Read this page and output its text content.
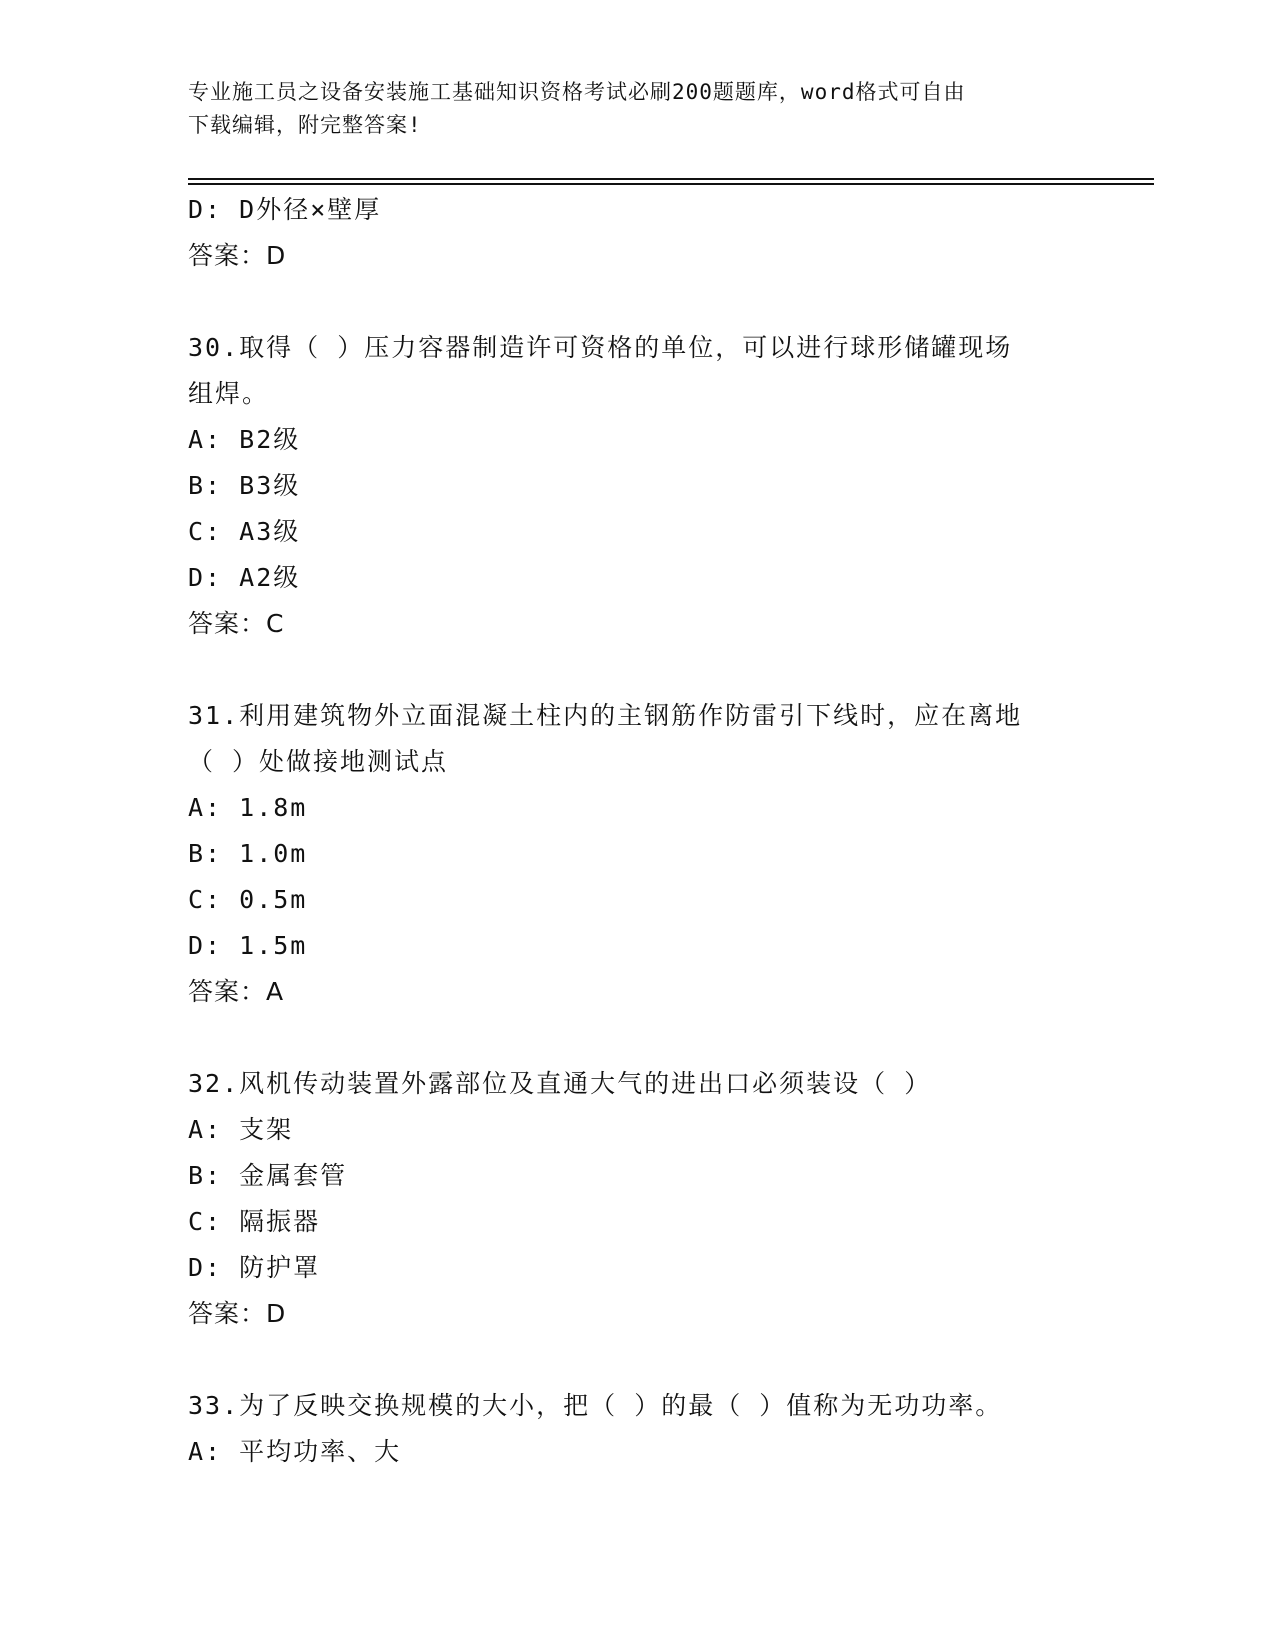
专业施工员之设备安装施工基础知识资格考试必刷200题题库，word格式可自由
下载编辑，附完整答案!
D: D外径×壁厚
答案：D
30.取得（ ）压力容器制造许可资格的单位，可以进行球形储罐现场
组焊。
A: B2级
B: B3级
C: A3级
D: A2级
答案：C
31.利用建筑物外立面混凝土柱内的主钢筋作防雷引下线时，应在离地
（ ）处做接地测试点
A: 1.8m
B: 1.0m
C: 0.5m
D: 1.5m
答案：A
32.风机传动装置外露部位及直通大气的进出口必须装设（ ）
A: 支架
B: 金属套管
C: 隔振器
D: 防护罩
答案：D
33.为了反映交换规模的大小，把（ ）的最（ ）值称为无功功率。
A: 平均功率、大
